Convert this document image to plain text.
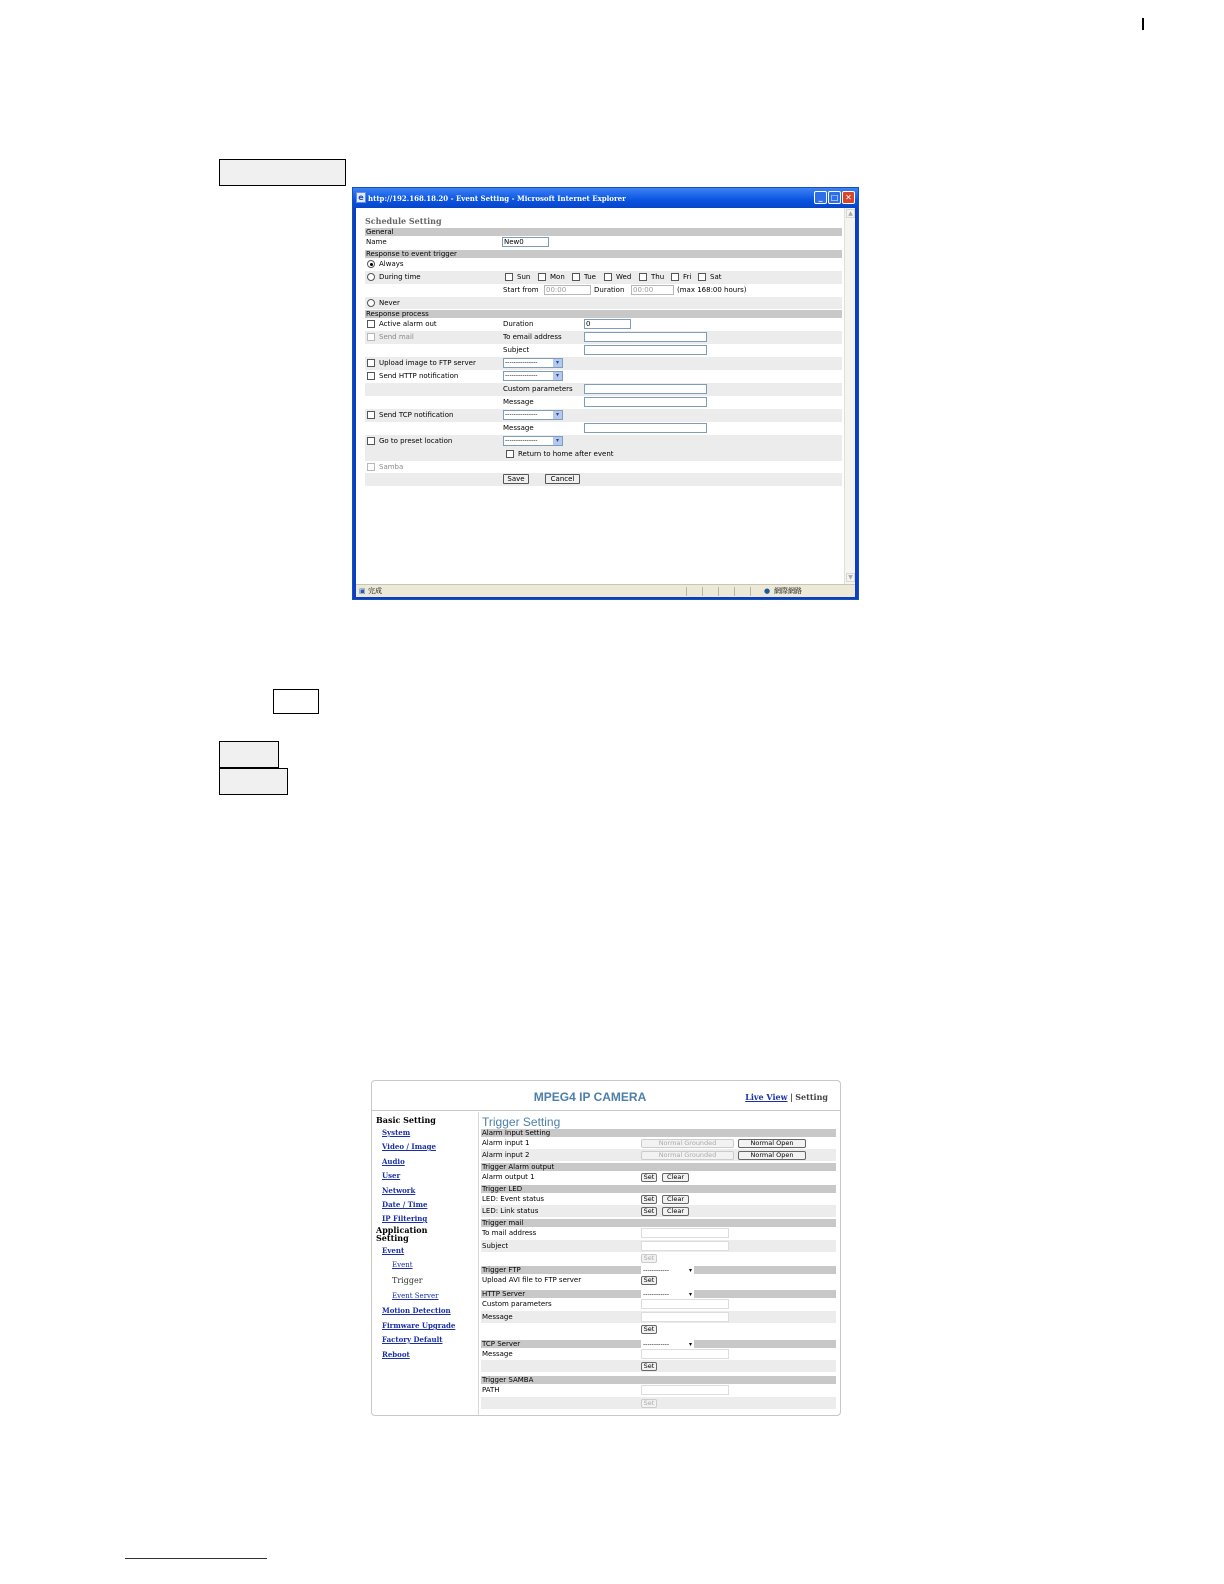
e http://192.168.18.20 - Event Setting - Microsoft Internet Explorer	_	□ ✕
Schedule Setting
General
Name	New0
Response to event trigger
Always
During time	Sun	Mon	Tue	Wed	Thu	Fri	Sat
Start from 00:00	Duration 00:00	(max 168:00 hours)
Never
Response process
Active alarm out	Duration	0
Send mail	To email address
Subject
Upload image to FTP server	---------------	▾
Send HTTP notification	---------------	▾
Custom parameters
Message
Send TCP notification	---------------	▾
Message
Go to preset location	---------------	▾
Return to home after event
Samba
Save	Cancel
▲
▼
▣ 完成	● 網際網路
MPEG4 IP CAMERA	Live View | Setting
Basic Setting
System
Video / Image
Audio
User
Network
Date / Time
IP Filtering
Application
Setting
Event
Event
Trigger
Event Server
Motion Detection
Firmware Upgrade
Factory Default
Reboot
Trigger Setting
Alarm Input Setting
Alarm input 1	Normal Grounded	Normal Open
Alarm input 2	Normal Grounded	Normal Open
Trigger Alarm output
Alarm output 1	Set	Clear
Trigger LED
LED: Event status	Set	Clear
LED: Link status	Set	Clear
Trigger mail
To mail address
Subject
Set
Trigger FTP	------------	▾
Upload AVI file to FTP server	Set
HTTP Server	------------	▾
Custom parameters
Message
Set
TCP Server	------------	▾
Message
Set
Trigger SAMBA
PATH
Set
